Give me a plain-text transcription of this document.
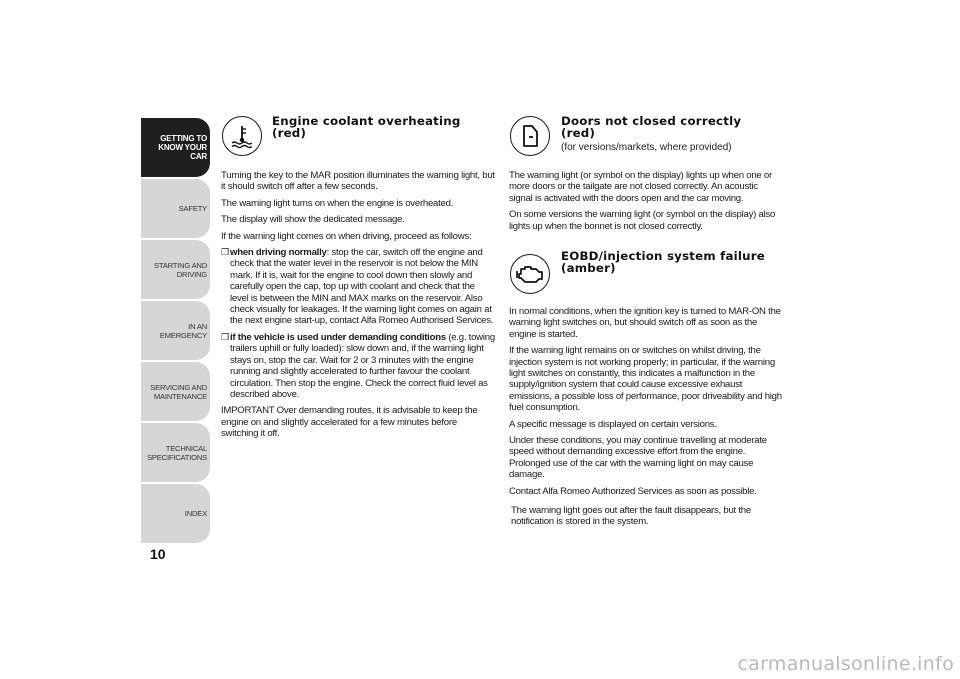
GETTING TO
KNOW YOUR CAR
SAFETY
STARTING AND
DRIVING
IN AN EMERGENCY
SERVICING AND
MAINTENANCE
TECHNICAL
SPECIFICATIONS
INDEX
10
Engine coolant overheating
(red)

Turning the key to the MAR position illuminates the warning light, but it should switch off after a few seconds.

The warning light turns on when the engine is overheated.

The display will show the dedicated message.

If the warning light comes on when driving, proceed as follows:

❒ when driving normally: stop the car, switch off the engine and check that the water level in the reservoir is not below the MIN mark. If it is, wait for the engine to cool down then slowly and carefully open the cap, top up with coolant and check that the level is between the MIN and MAX marks on the reservoir. Also check visually for leakages. If the warning light comes on again at the next engine start-up, contact Alfa Romeo Authorised Services.
❒ if the vehicle is used under demanding conditions (e.g. towing trailers uphill or fully loaded): slow down and, if the warning light stays on, stop the car. Wait for 2 or 3 minutes with the engine running and slightly accelerated to further favour the coolant circulation. Then stop the engine. Check the correct fluid level as described above.

IMPORTANT Over demanding routes, it is advisable to keep the engine on and slightly accelerated for a few minutes before switching it off.

Doors not closed correctly
(red)
(for versions/markets, where provided)

The warning light (or symbol on the display) lights up when one or more doors or the tailgate are not closed correctly. An acoustic signal is activated with the doors open and the car moving.

On some versions the warning light (or symbol on the display) also lights up when the bonnet is not closed correctly.

EOBD/injection system failure
(amber)

In normal conditions, when the ignition key is turned to MAR-ON the warning light switches on, but should switch off as soon as the engine is started.

If the warning light remains on or switches on whilst driving, the injection system is not working properly; in particular, if the warning light switches on constantly, this indicates a malfunction in the supply/ignition system that could cause excessive exhaust emissions, a possible loss of performance, poor driveability and high fuel consumption.

A specific message is displayed on certain versions.

Under these conditions, you may continue travelling at moderate speed without demanding excessive effort from the engine. Prolonged use of the car with the warning light on may cause damage.

Contact Alfa Romeo Authorized Services as soon as possible.

The warning light goes out after the fault disappears, but the notification is stored in the system.
carmanualsonline.info
